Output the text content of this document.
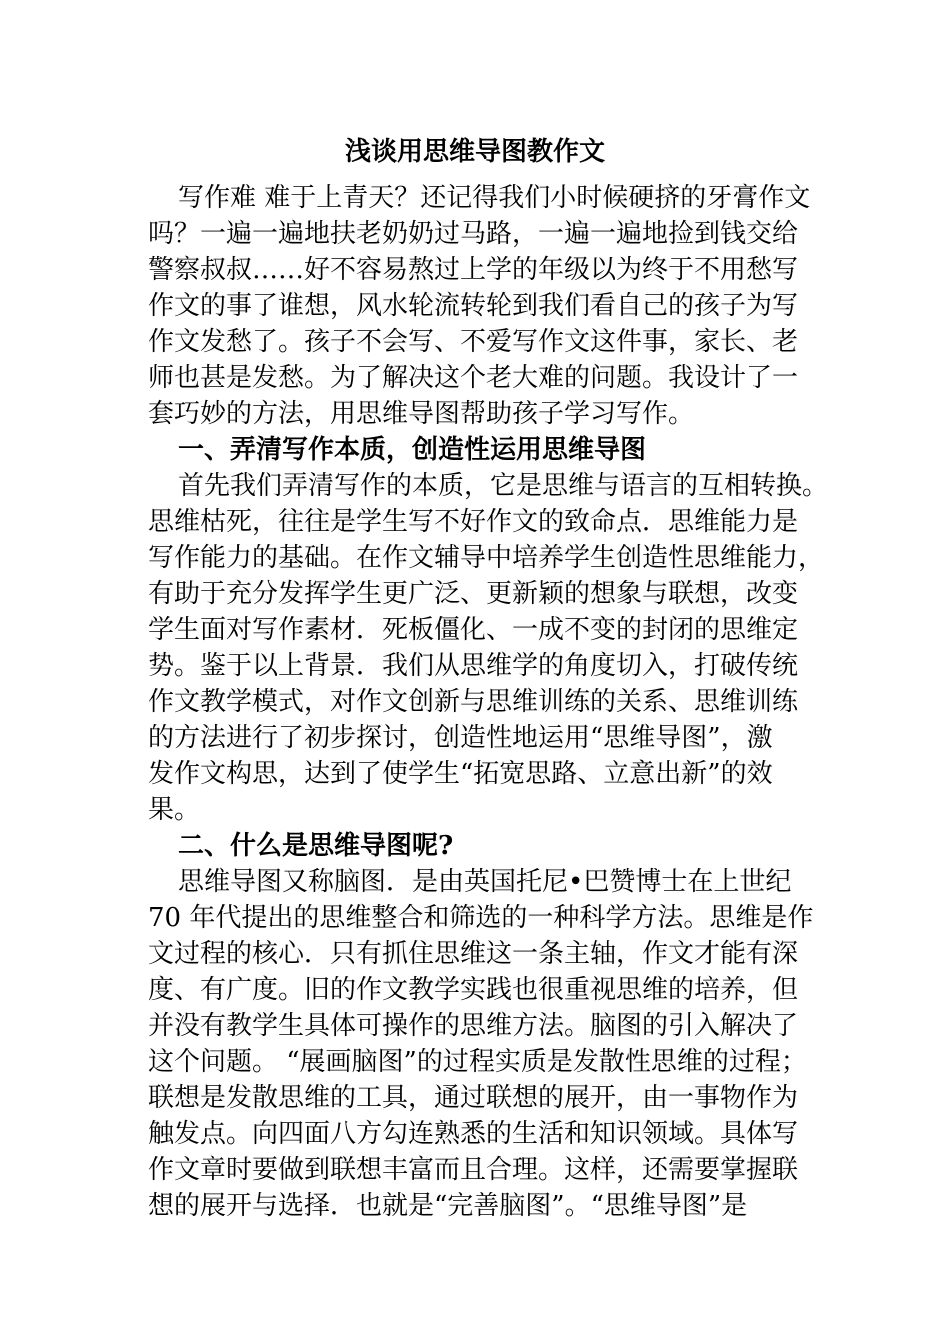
浅谈用思维导图教作文
写作难 难于上青天？还记得我们小时候硬挤的牙膏作文
吗？一遍一遍地扶老奶奶过马路，一遍一遍地捡到钱交给
警察叔叔……好不容易熬过上学的年级以为终于不用愁写
作文的事了谁想，风水轮流转轮到我们看自己的孩子为写
作文发愁了。孩子不会写、不爱写作文这件事，家长、老
师也甚是发愁。为了解决这个老大难的问题。我设计了一
套巧妙的方法，用思维导图帮助孩子学习写作。
一、弄清写作本质，创造性运用思维导图
首先我们弄清写作的本质，它是思维与语言的互相转换。
思维枯死，往往是学生写不好作文的致命点．思维能力是
写作能力的基础。在作文辅导中培养学生创造性思维能力，
有助于充分发挥学生更广泛、更新颖的想象与联想，改变
学生面对写作素材．死板僵化、一成不变的封闭的思维定
势。鉴于以上背景．我们从思维学的角度切入，打破传统
作文教学模式，对作文创新与思维训练的关系、思维训练
的方法进行了初步探讨，创造性地运用“思维导图”，激
发作文构思，达到了使学生“拓宽思路、立意出新”的效
果。
二、什么是思维导图呢?
思维导图又称脑图．是由英国托尼•巴赞博士在上世纪
70 年代提出的思维整合和筛选的一种科学方法。思维是作
文过程的核心．只有抓住思维这一条主轴，作文才能有深
度、有广度。旧的作文教学实践也很重视思维的培养，但
并没有教学生具体可操作的思维方法。脑图的引入解决了
这个问题。 “展画脑图”的过程实质是发散性思维的过程；
联想是发散思维的工具，通过联想的展开，由一事物作为
触发点。向四面八方勾连熟悉的生活和知识领域。具体写
作文章时要做到联想丰富而且合理。这样，还需要掌握联
想的展开与选择．也就是“完善脑图”。“思维导图”是
